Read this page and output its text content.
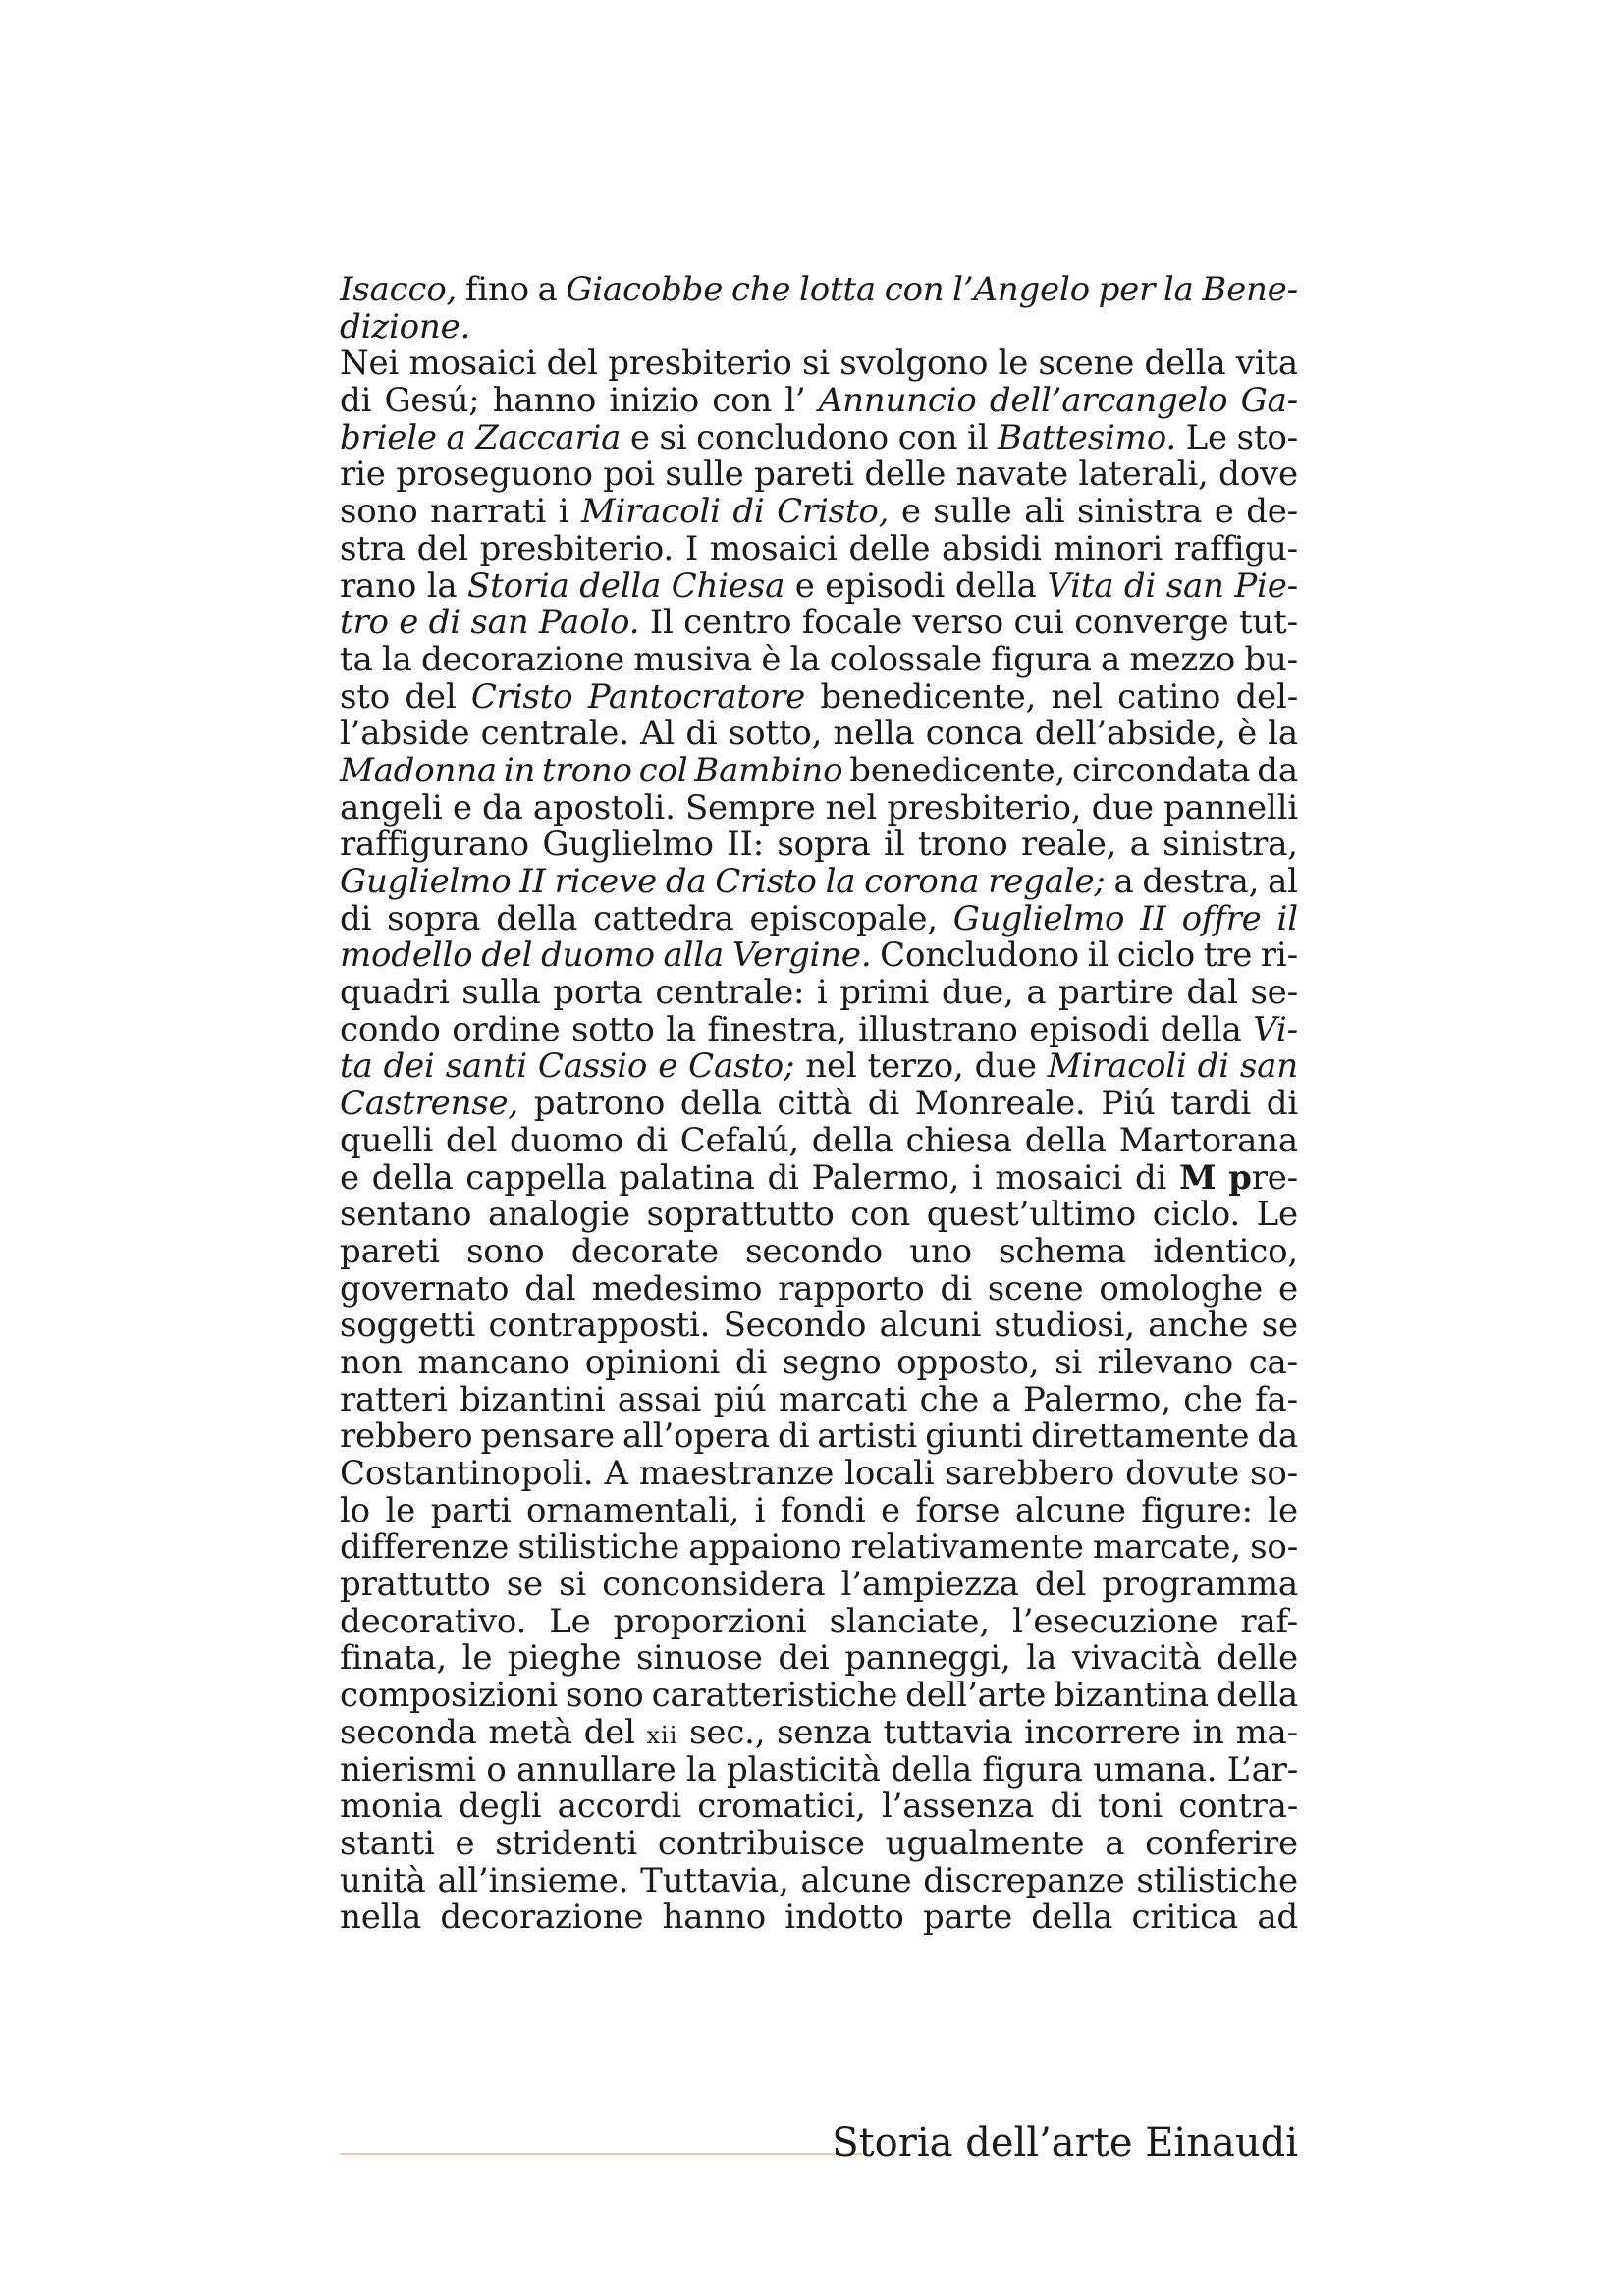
Isacco, fino a Giacobbe che lotta con l’Angelo per la Bene-
dizione.
Nei mosaici del presbiterio si svolgono le scene della vita
di Gesú; hanno inizio con l’ Annuncio dell’arcangelo Ga-
briele a Zaccaria e si concludono con il Battesimo. Le sto-
rie proseguono poi sulle pareti delle navate laterali, dove
sono narrati i Miracoli di Cristo, e sulle ali sinistra e de-
stra del presbiterio. I mosaici delle absidi minori raffigu-
rano la Storia della Chiesa e episodi della Vita di san Pie-
tro e di san Paolo. Il centro focale verso cui converge tut-
ta la decorazione musiva è la colossale figura a mezzo bu-
sto del Cristo Pantocratore benedicente, nel catino del-
l’abside centrale. Al di sotto, nella conca dell’abside, è la
Madonna in trono col Bambino benedicente, circondata da
angeli e da apostoli. Sempre nel presbiterio, due pannelli
raffigurano Guglielmo II: sopra il trono reale, a sinistra,
Guglielmo II riceve da Cristo la corona regale; a destra, al
di sopra della cattedra episcopale, Guglielmo II offre il
modello del duomo alla Vergine. Concludono il ciclo tre ri-
quadri sulla porta centrale: i primi due, a partire dal se-
condo ordine sotto la finestra, illustrano episodi della Vi-
ta dei santi Cassio e Casto; nel terzo, due Miracoli di san
Castrense, patrono della città di Monreale. Piú tardi di
quelli del duomo di Cefalú, della chiesa della Martorana
e della cappella palatina di Palermo, i mosaici di M pre-
sentano analogie soprattutto con quest’ultimo ciclo. Le
pareti sono decorate secondo uno schema identico,
governato dal medesimo rapporto di scene omologhe e
soggetti contrapposti. Secondo alcuni studiosi, anche se
non mancano opinioni di segno opposto, si rilevano ca-
ratteri bizantini assai piú marcati che a Palermo, che fa-
rebbero pensare all’opera di artisti giunti direttamente da
Costantinopoli. A maestranze locali sarebbero dovute so-
lo le parti ornamentali, i fondi e forse alcune figure: le
differenze stilistiche appaiono relativamente marcate, so-
prattutto se si conconsidera l’ampiezza del programma
decorativo. Le proporzioni slanciate, l’esecuzione raf-
finata, le pieghe sinuose dei panneggi, la vivacità delle
composizioni sono caratteristiche dell’arte bizantina della
seconda metà del xii sec., senza tuttavia incorrere in ma-
nierismi o annullare la plasticità della figura umana. L’ar-
monia degli accordi cromatici, l’assenza di toni contra-
stanti e stridenti contribuisce ugualmente a conferire
unità all’insieme. Tuttavia, alcune discrepanze stilistiche
nella decorazione hanno indotto parte della critica ad
Storia dell’arte Einaudi
